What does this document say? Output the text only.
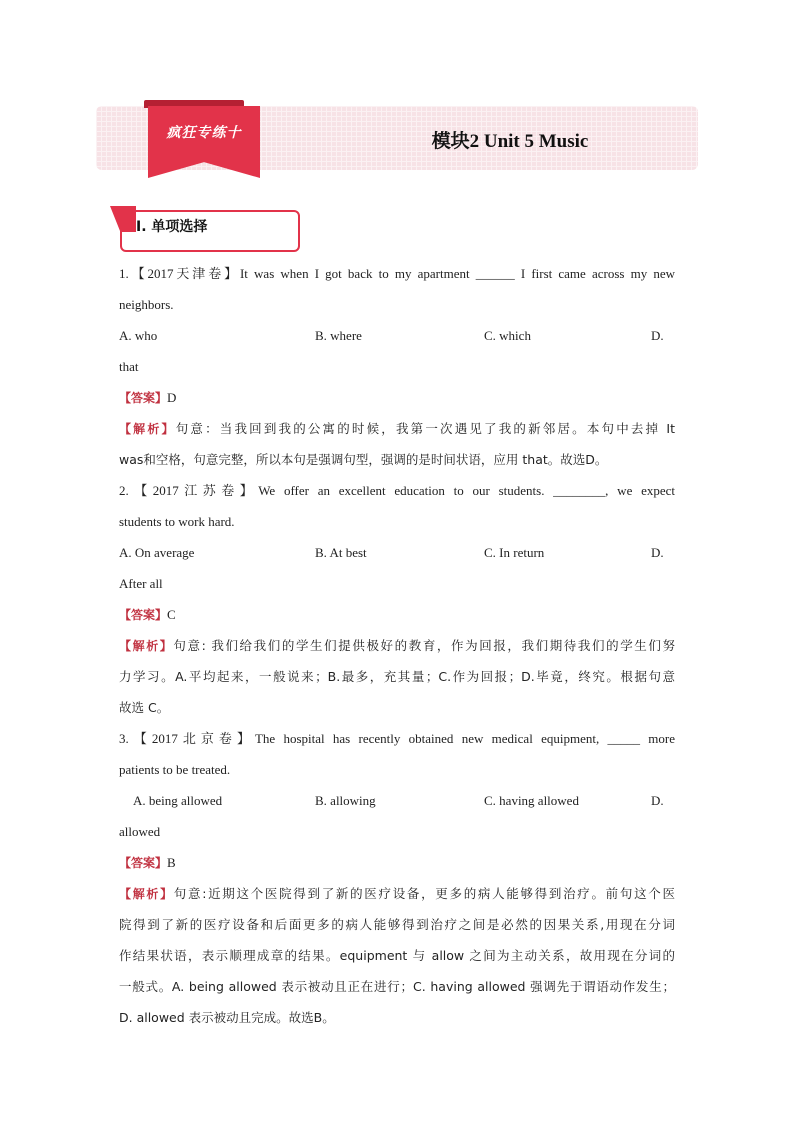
疯狂专练十	模块2 Unit 5 Music
Ⅰ. 单项选择
1.【2017天津卷】It was when I got back to my apartment ______ I first came across my new
neighbors.
A. who	B. where	C. which	D.
that
【答案】D
【解析】句意：当我回到我的公寓的时候，我第一次遇见了我的新邻居。本句中去掉 It
was和空格，句意完整，所以本句是强调句型，强调的是时间状语，应用 that。故选D。
2.【2017江苏卷】We offer an excellent education to our students. ________, we expect
students to work hard.
A. On average	B. At best	C. In return	D.
After all
【答案】C
【解析】句意: 我们给我们的学生们提供极好的教育，作为回报，我们期待我们的学生们努
力学习。A.平均起来，一般说来；B.最多，充其量；C.作为回报；D.毕竟，终究。根据句意
故选 C。
3.【2017北京卷】The hospital has recently obtained new medical equipment, _____ more
patients to be treated.
A. being allowed	B. allowing	C. having allowed	D.
allowed
【答案】B
【解析】句意:近期这个医院得到了新的医疗设备，更多的病人能够得到治疗。前句这个医
院得到了新的医疗设备和后面更多的病人能够得到治疗之间是必然的因果关系,用现在分词
作结果状语，表示顺理成章的结果。equipment 与 allow 之间为主动关系，故用现在分词的
一般式。A. being allowed 表示被动且正在进行；C. having allowed 强调先于谓语动作发生；
D. allowed 表示被动且完成。故选B。
